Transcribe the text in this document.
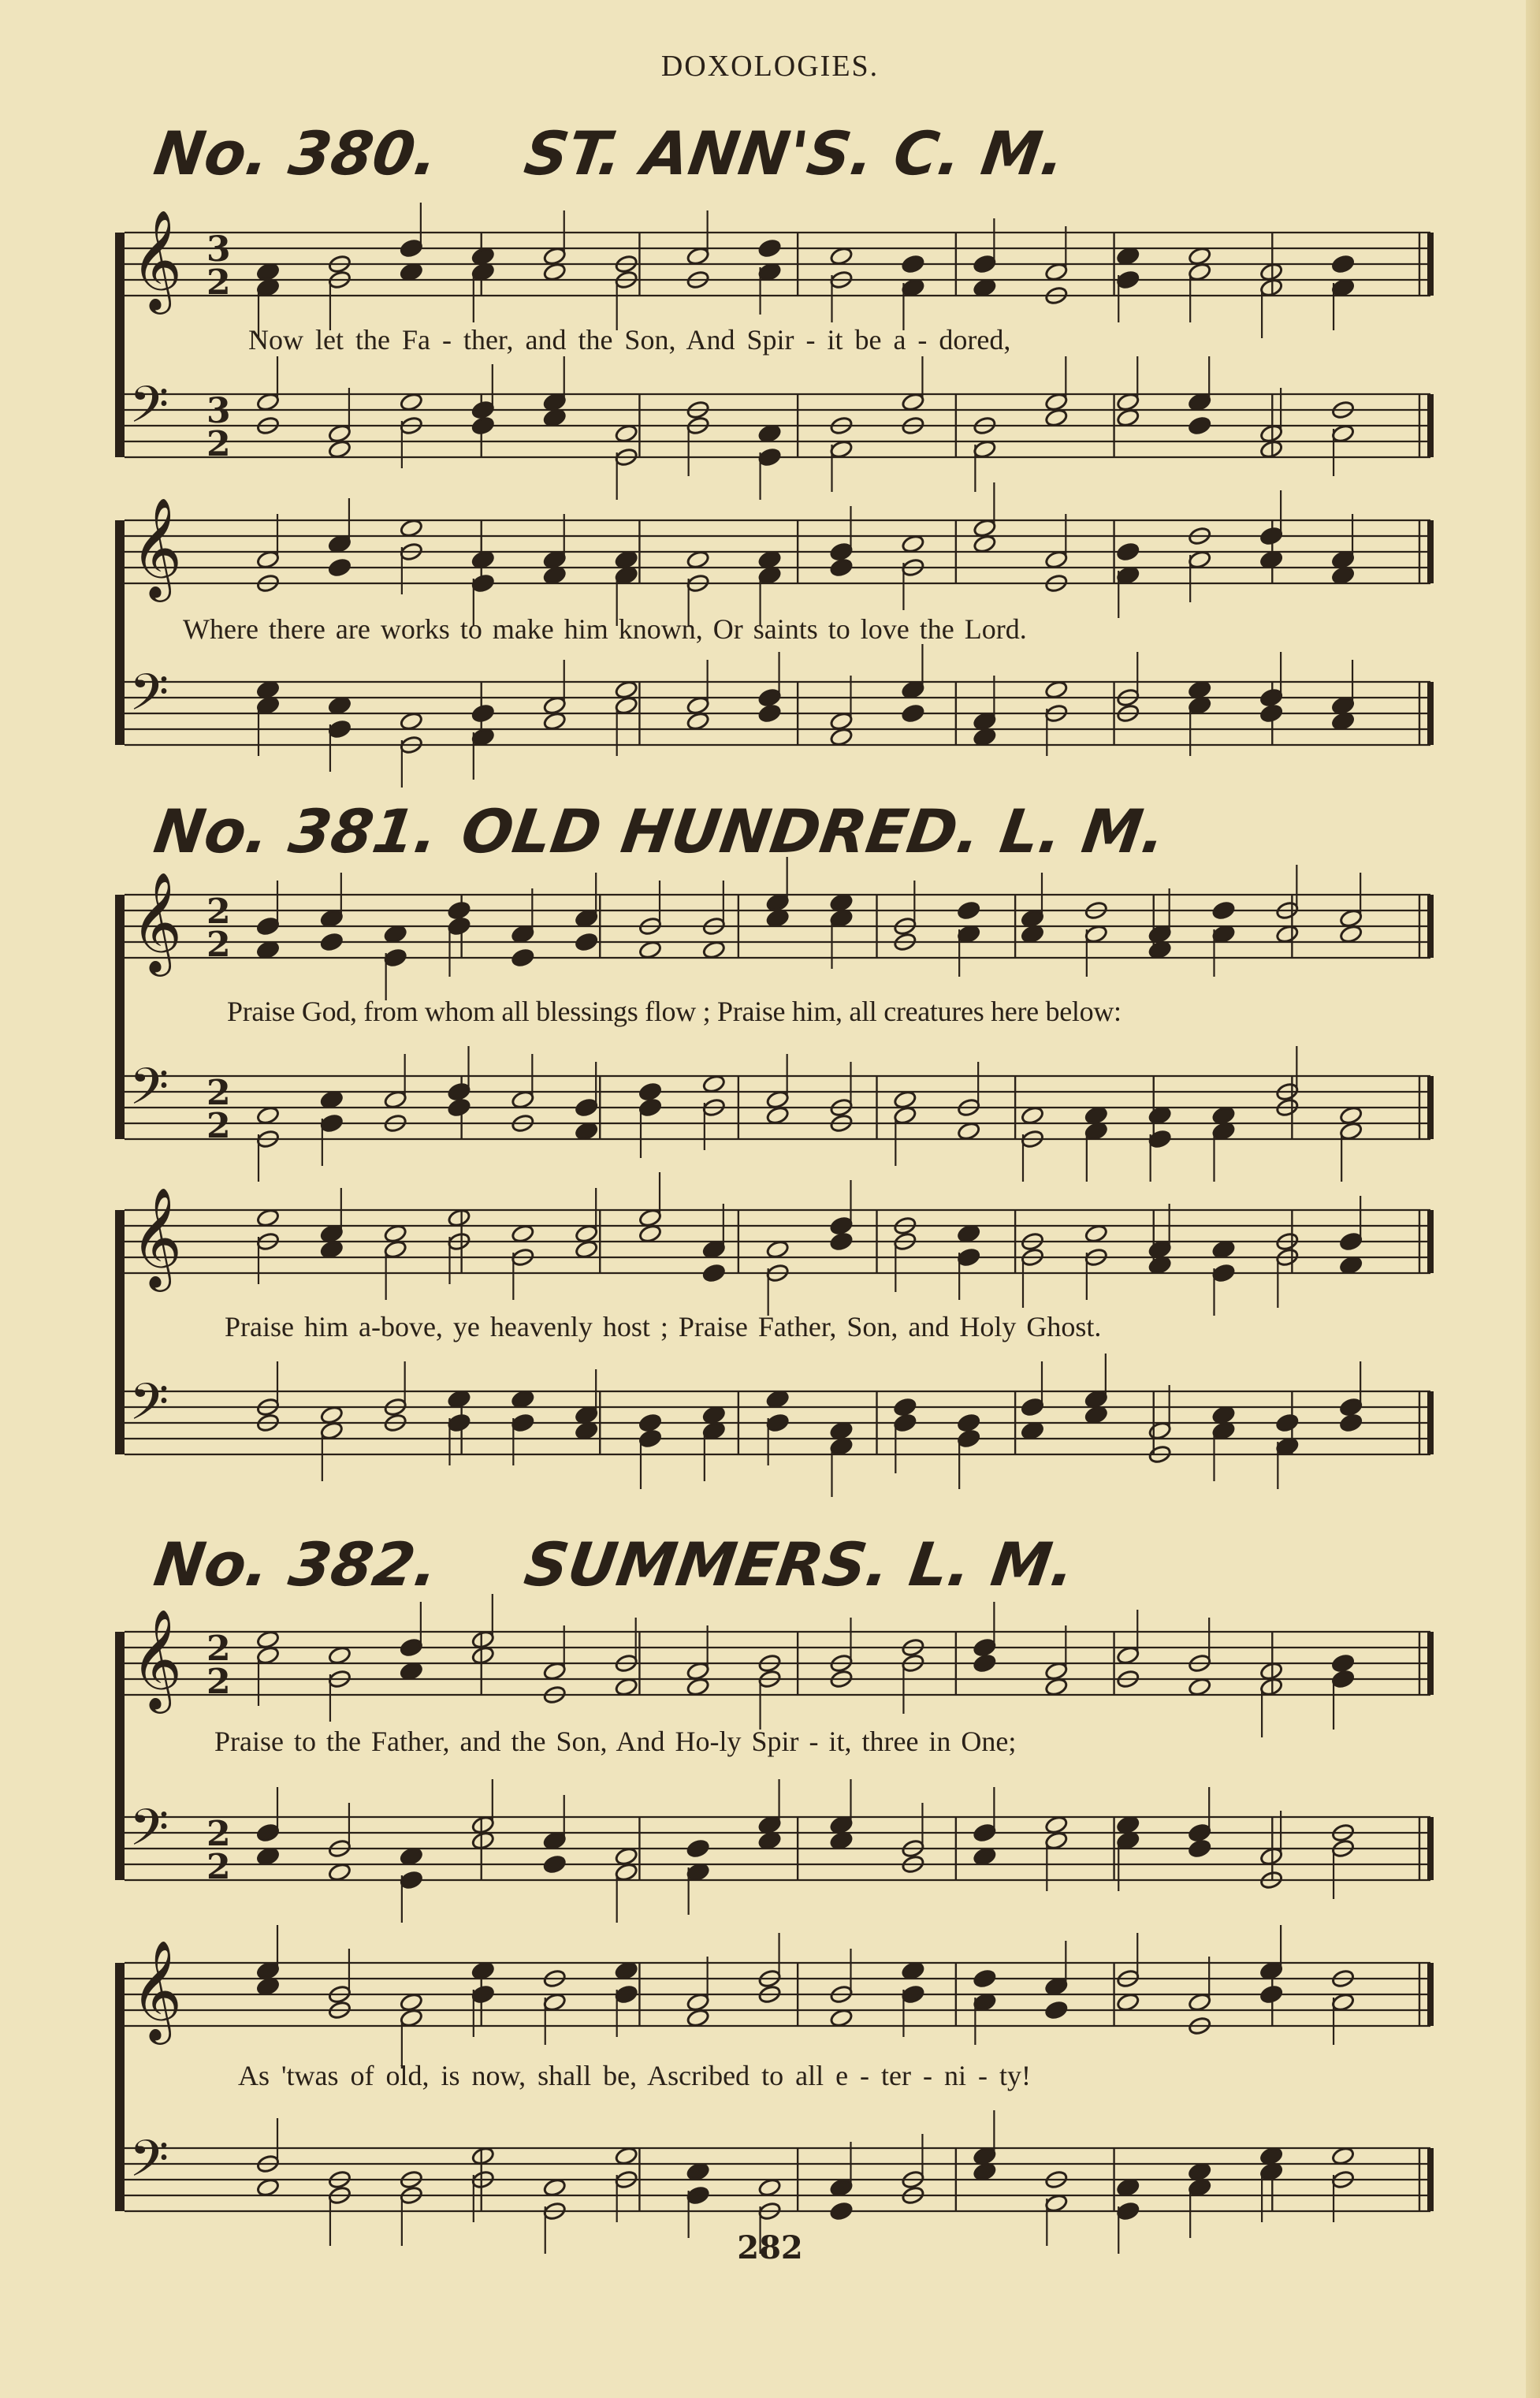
DOXOLOGIES.
No. 380. ST. ANN'S. C. M.
No. 381. OLD HUNDRED. L. M.
No. 382. SUMMERS. L. M.
𝄞
𝄢
3
2
3
2
𝄞
𝄢
𝄞
𝄢
2
2
2
2
𝄞
𝄢
𝄞
𝄢
2
2
2
2
𝄞
𝄢
Now let the Fa - ther, and the Son, And Spir - it be a - dored,
Where there are works to make him known, Or saints to love the Lord.
Praise God, from whom all blessings flow ; Praise him, all creatures here below:
Praise him a-bove, ye heavenly host ; Praise Father, Son, and Holy Ghost.
Praise to the Father, and the Son, And Ho-ly Spir - it, three in One;
As 'twas of old, is now, shall be, Ascribed to all e - ter - ni - ty!
282
